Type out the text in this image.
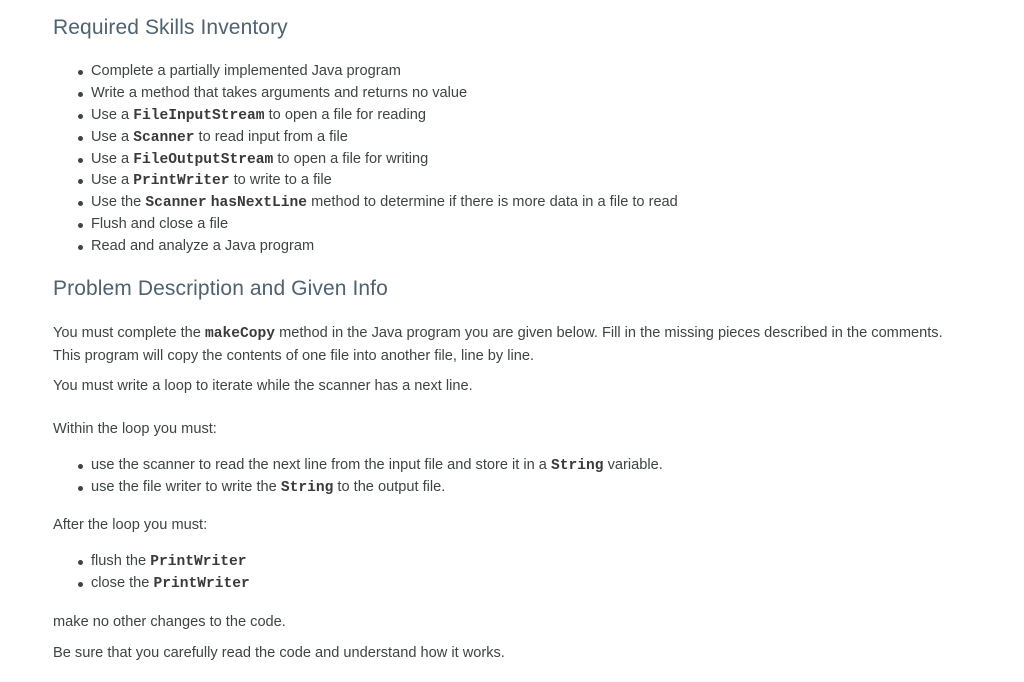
Required Skills Inventory
Complete a partially implemented Java program
Write a method that takes arguments and returns no value
Use a FileInputStream to open a file for reading
Use a Scanner to read input from a file
Use a FileOutputStream to open a file for writing
Use a PrintWriter to write to a file
Use the Scanner hasNextLine method to determine if there is more data in a file to read
Flush and close a file
Read and analyze a Java program
Problem Description and Given Info

You must complete the makeCopy method in the Java program you are given below. Fill in the missing pieces described in the comments.
This program will copy the contents of one file into another file, line by line.

You must write a loop to iterate while the scanner has a next line.

Within the loop you must:

use the scanner to read the next line from the input file and store it in a String variable.
use the file writer to write the String to the output file.

After the loop you must:

flush the PrintWriter
close the PrintWriter

make no other changes to the code.

Be sure that you carefully read the code and understand how it works.
